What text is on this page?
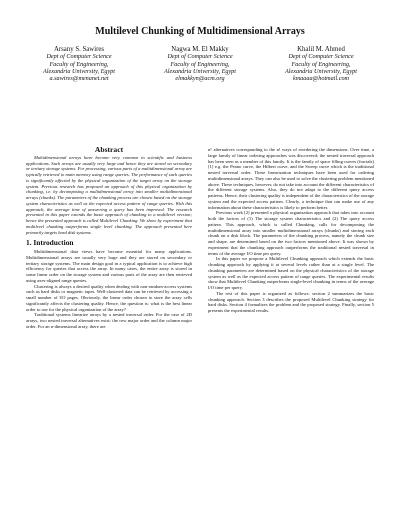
Multilevel Chunking of Multidimensional Arrays
Arsany S. Sawires
Dept of Computer Science
Faculty of Engineering,
Alexandria University, Egypt
a.sawires@menanet.net
Nagwa M. El Makky
Dept of Computer Science
Faculty of Engineering,
Alexandria University, Egypt
elmakkyn@acm.org
Khalil M. Ahmed
Dept of Computer Science
Faculty of Engineering,
Alexandria University, Egypt
kmaaaa@hotmail.com
Abstract

Multidimensional arrays have become very common in scientific and business applications. Such arrays are usually very large and hence they are stored on secondary or tertiary storage systems. For processing, various parts of a multidimensional array are typically retrieved to main memory using range queries. The performance of such queries is significantly affected by the physical organization of the target array on the storage system. Previous research has proposed an approach of this physical organization by chunking, i.e. by decomposing a multidimensional array into smaller multidimensional arrays (chunks). The parameters of the chunking process are chosen based on the storage system characteristics as well as the expected access pattern of range queries. With this approach, the average time of answering a query has been improved. The research presented in this paper extends the basic approach of chunking to a multilevel version; hence the presented approach is called Multilevel Chunking. We show by experiment that multilevel chunking outperforms single level chunking. The approach presented here primarily targets hard disk systems.

1. Introduction

Multidimensional data views have become essential for many applications. Multidimensional arrays are usually very large and they are stored on secondary or tertiary storage systems. The main design goal in a typical application is to achieve high efficiency for queries that access the array. In many cases, the entire array is stored in some linear order on the storage system and various parts of the array are then retrieved using axes-aligned range queries.

Clustering is always a desired quality when dealing with non-random-access systems such as hard disks or magnetic tapes. Well-clustered data can be retrieved by accessing a small number of I/O pages. Obviously, the linear order chosen to store the array cells significantly affects the clustering quality. Hence, the question is: what is the best linear order to use for the physical organization of the array?

Traditional systems linearize arrays by a nested traversal order. For the case of 2D arrays, two nested traversal alternatives exist: the row major order and the column major order. For an n-dimensional array, there are

n! alternatives corresponding to the n! ways of reordering the dimensions. Over time, a large family of linear ordering approaches was discovered; the nested traversal approach has been seen as a member of this family. It is the family of space filling curves (fractals) [1] e.g. the Peano curve, the Hilbert curve, and the Sweep curve which is the traditional nested traversal order. These linearization techniques have been used for ordering multidimensional arrays. They can also be used to solve the clustering problem mentioned above. These techniques, however, do not take into account the different characteristics of the different storage systems. Also, they do not adapt to the different query access patterns. Hence, their clustering quality is independent of the characteristics of the storage system and the expected access pattern. Clearly, a technique that can make use of any information about these characteristics is likely to perform better.

Previous work [2] presented a physical organization approach that takes into account both the factors of (1) The storage system characteristics and (2) The query access pattern. This approach, which is called Chunking, calls for decomposing the multidimensional array into smaller multidimensional arrays (chunks) and storing each chunk on a disk block. The parameters of the chunking process, namely the chunk size and shape, are determined based on the two factors mentioned above. It was shown by experiment that the chunking approach outperforms the traditional nested traversal in terms of the average I/O time per query.

In this paper we propose a Multilevel Chunking approach which extends the basic chunking approach by applying it at several levels rather than at a single level. The chunking parameters are determined based on the physical characteristics of the storage system as well as the expected access pattern of range queries. The experimental results show that Multilevel Chunking outperforms single-level chunking in terms of the average I/O time per query.

The rest of this paper is organized as follows: section 2 summarizes the basic chunking approach. Section 3 describes the proposed Multilevel Chunking strategy for hard disks. Section 4 formalizes the problem and the proposed strategy. Finally, section 5 presents the experimental results.
